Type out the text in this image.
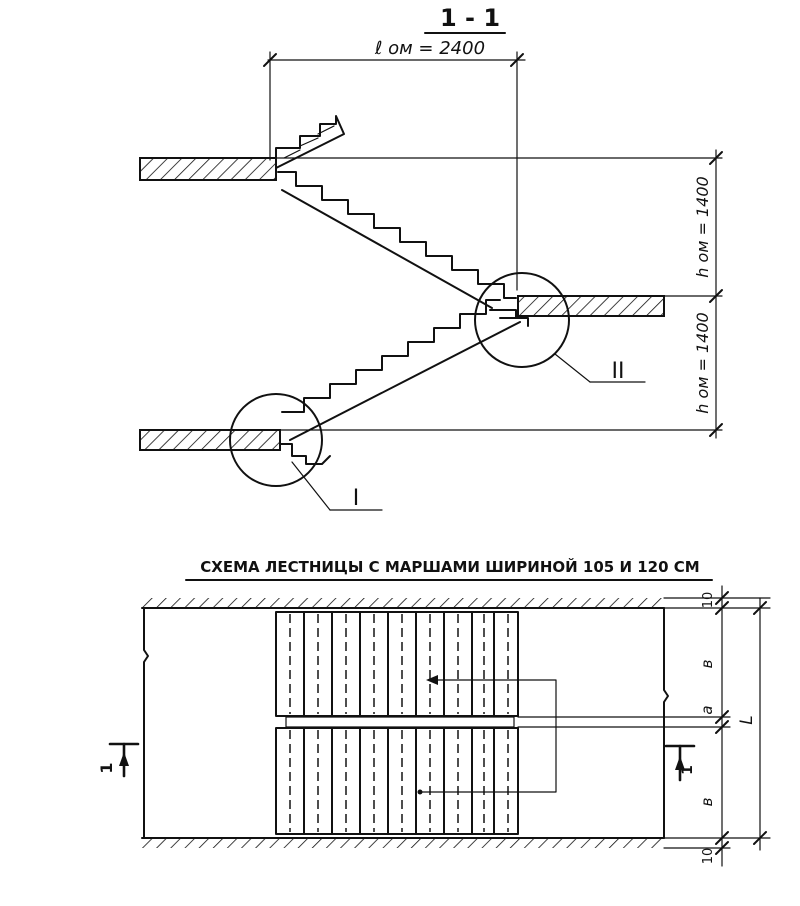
1 - 1
ℓ ом = 2400
II
I
h ом = 1400
h ом = 1400
СХЕМА ЛЕСТНИЦЫ С МАРШАМИ ШИРИНОЙ 105 И 120 СМ
10
в
а
в
L
10
1	1
